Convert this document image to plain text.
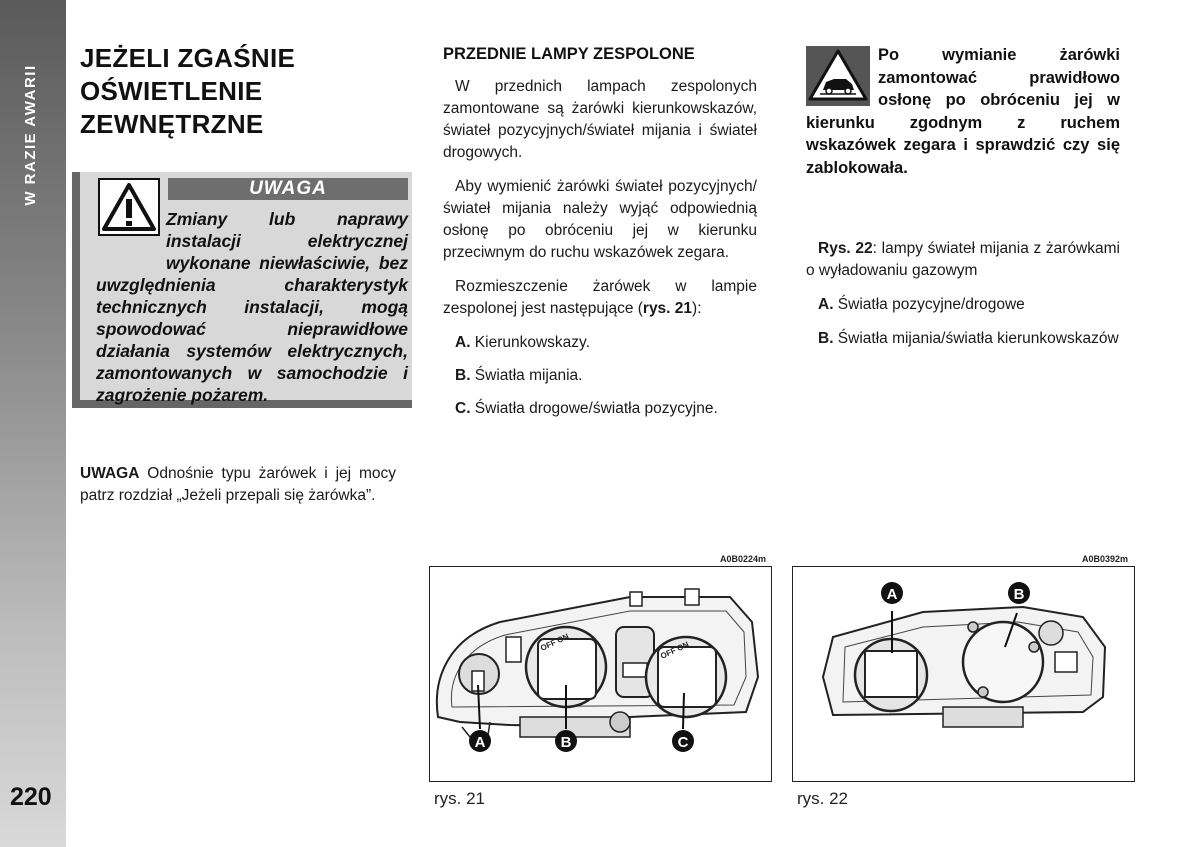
W RAZIE AWARII
220
JEŻELI ZGAŚNIE
OŚWIETLENIE
ZEWNĘTRZNE
UWAGA
Zmiany lub naprawy instalacji elektrycznej wykonane niewłaściwie, bez uwzględnienia charakterystyk technicznych instalacji, mogą spowodować nieprawidłowe działania systemów elektrycznych, zamontowanych w samochodzie i zagrożenie pożarem.
UWAGA Odnośnie typu żarówek i jej mocy patrz rozdział „Jeżeli przepali się żarówka”.
PRZEDNIE LAMPY ZESPOLONE

W przednich lampach zespolonych zamontowane są żarówki kierunkowskazów, świateł pozycyjnych/świateł mijania i świateł drogowych.

Aby wymienić żarówki świateł pozycyjnych/świateł mijania należy wyjąć odpowiednią osłonę po obróceniu jej w kierunku przeciwnym do ruchu wskazówek zegara.

Rozmieszczenie żarówek w lampie zespolonej jest następujące (rys. 21):

A. Kierunkowskazy.
B. Światła mijania.
C. Światła drogowe/światła pozycyjne.
Po wymianie żarówki zamontować prawidłowo osłonę po obróceniu jej w kierunku zgodnym z ruchem wskazówek zegara i sprawdzić czy się zablokowała.

Rys. 22: lampy świateł mijania z żarówkami o wyładowaniu gazowym

A. Światła pozycyjne/drogowe

B. Światła mijania/światła kierunkowskazów

A0B0224m
OFF ON	OFF ON
A	B	C
rys. 21
A0B0392m
A	B
rys. 22
